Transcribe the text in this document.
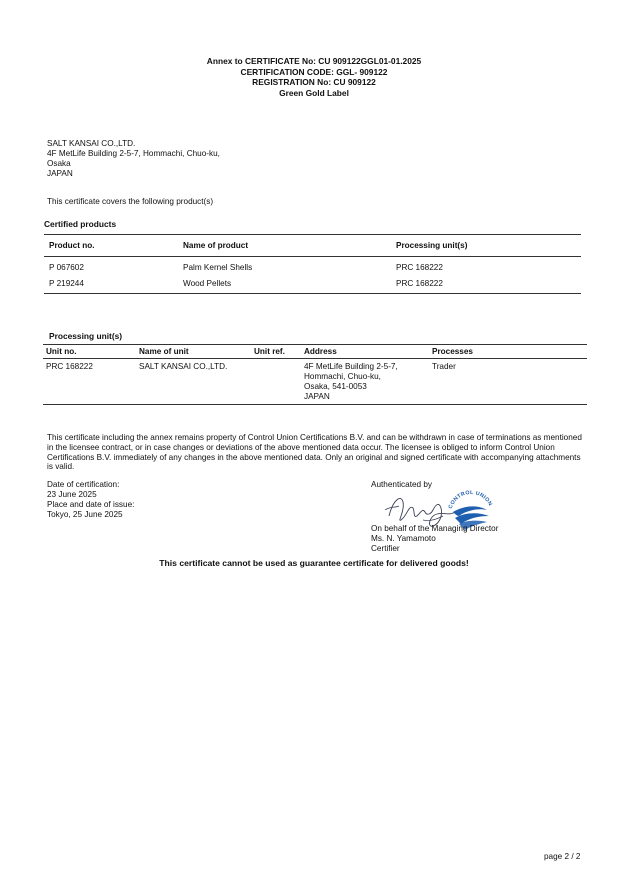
Annex to CERTIFICATE No: CU 909122GGL01-01.2025
CERTIFICATION CODE: GGL- 909122
REGISTRATION No: CU 909122
Green Gold Label
SALT KANSAI CO.,LTD.
4F MetLife Building 2-5-7, Hommachi, Chuo-ku,
Osaka
JAPAN
This certificate covers the following product(s)
Certified products
Product no.	Name of product	Processing unit(s)
P 067602	Palm Kernel Shells	PRC 168222
P 219244	Wood Pellets	PRC 168222
Processing unit(s)
Unit no.	Name of unit	Unit ref.	Address	Processes
PRC 168222	SALT KANSAI CO.,LTD.		4F MetLife Building 2-5-7,
Hommachi, Chuo-ku,
Osaka, 541-0053
JAPAN	Trader
This certificate including the annex remains property of Control Union Certifications B.V. and can be withdrawn in case of terminations as mentioned in the licensee contract, or in case changes or deviations of the above mentioned data occur. The licensee is obliged to inform Control Union Certifications B.V. immediately of any changes in the above mentioned data. Only an original and signed certificate with accompanying attachments is valid.
Date of certification:
23 June 2025
Place and date of issue:
Tokyo, 25 June 2025
Authenticated by
CONTROL UNION
On behalf of the Managing Director
Ms. N. Yamamoto
Certifier
This certificate cannot be used as guarantee certificate for delivered goods!
page 2 / 2
